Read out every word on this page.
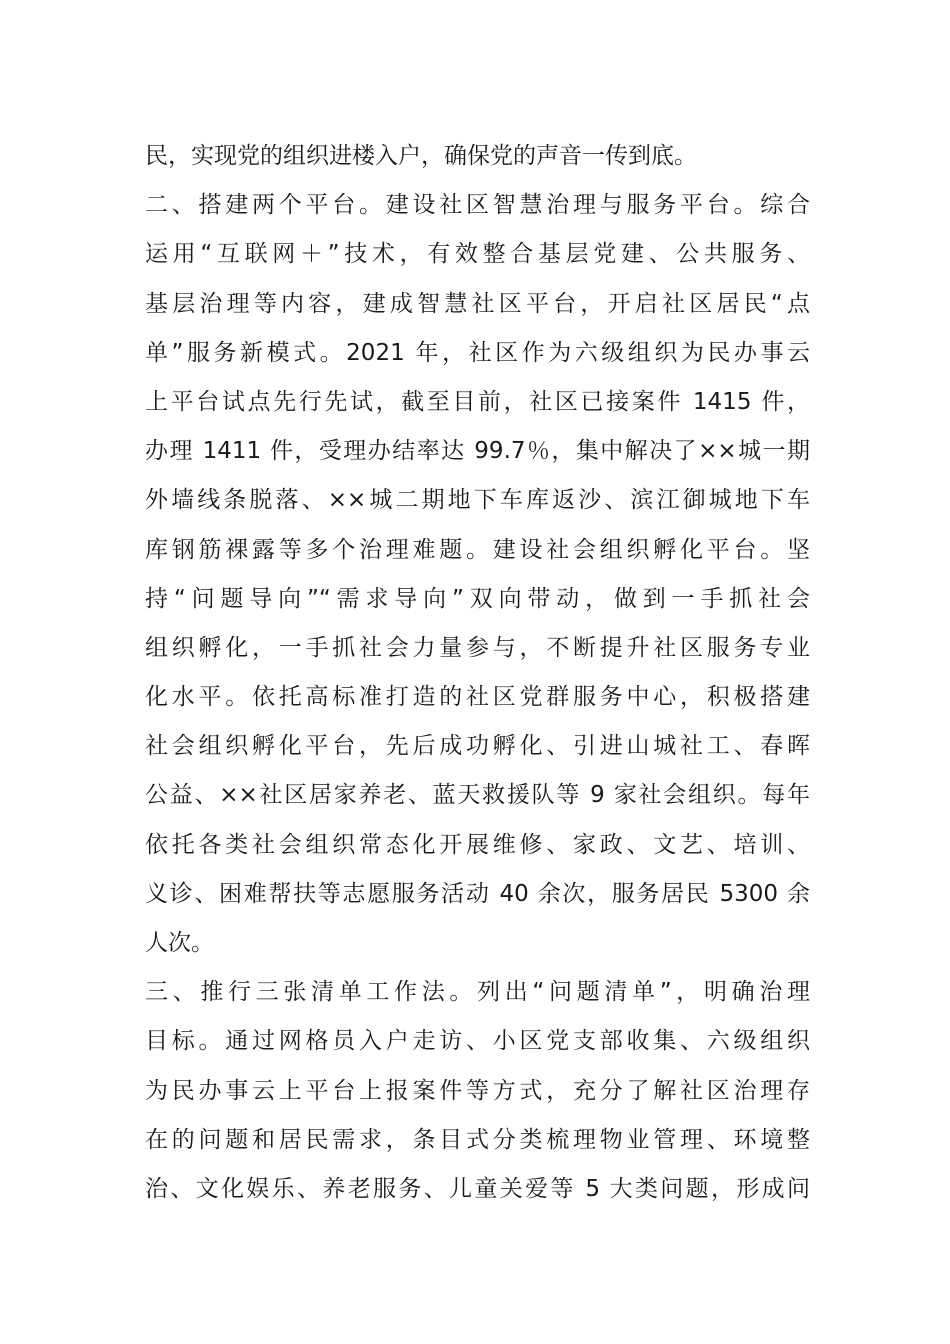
民，实现党的组织进楼入户，确保党的声音一传到底。
二、搭建两个平台。建设社区智慧治理与服务平台。综合
运用“互联网＋”技术，有效整合基层党建、公共服务、
基层治理等内容，建成智慧社区平台，开启社区居民“点
单”服务新模式。2021 年，社区作为六级组织为民办事云
上平台试点先行先试，截至目前，社区已接案件 1415 件，
办理 1411 件，受理办结率达 99.7％，集中解决了××城一期
外墙线条脱落、××城二期地下车库返沙、滨江御城地下车
库钢筋裸露等多个治理难题。建设社会组织孵化平台。坚
持“问题导向”“需求导向”双向带动，做到一手抓社会
组织孵化，一手抓社会力量参与，不断提升社区服务专业
化水平。依托高标准打造的社区党群服务中心，积极搭建
社会组织孵化平台，先后成功孵化、引进山城社工、春晖
公益、××社区居家养老、蓝天救援队等 9 家社会组织。每年
依托各类社会组织常态化开展维修、家政、文艺、培训、
义诊、困难帮扶等志愿服务活动 40 余次，服务居民 5300 余
人次。
三、推行三张清单工作法。列出“问题清单”，明确治理
目标。通过网格员入户走访、小区党支部收集、六级组织
为民办事云上平台上报案件等方式，充分了解社区治理存
在的问题和居民需求，条目式分类梳理物业管理、环境整
治、文化娱乐、养老服务、儿童关爱等 5 大类问题，形成问
